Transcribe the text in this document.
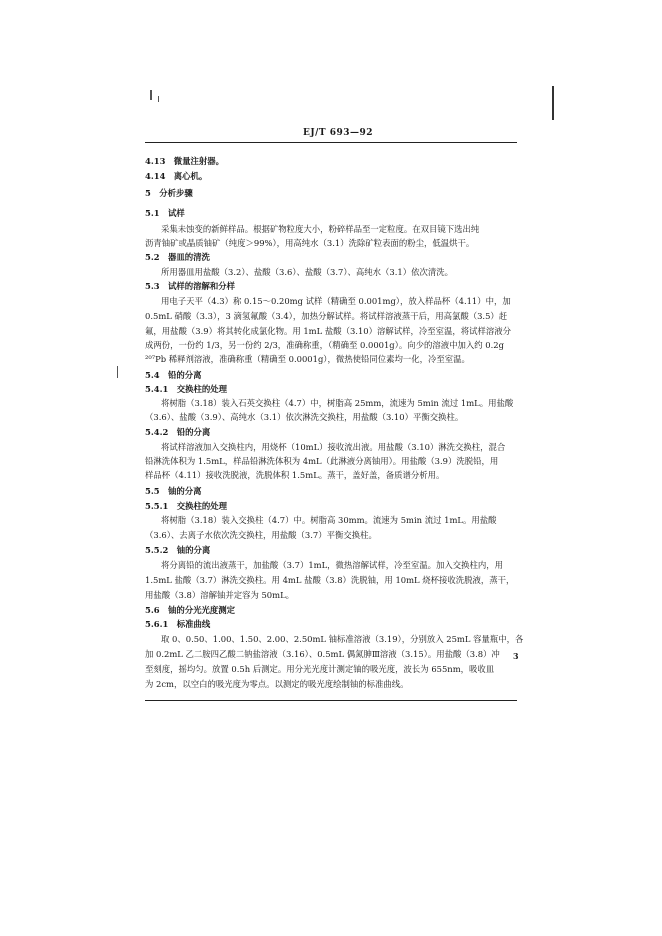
EJ/T 693—92
4.13　微量注射器。
4.14　离心机。
5　分析步骤
5.1　试样
采集未蚀变的新鲜样品。根据矿物粒度大小，粉碎样品至一定粒度。在双目镜下选出纯
沥青铀矿或晶质铀矿（纯度＞99%），用高纯水（3.1）洗除矿粒表面的粉尘，低温烘干。
5.2　器皿的清洗
所用器皿用盐酸（3.2）、盐酸（3.6）、盐酸（3.7）、高纯水（3.1）依次清洗。
5.3　试样的溶解和分样
用电子天平（4.3）称 0.15～0.20mg 试样（精确至 0.001mg），放入样品杯（4.11）中，加
0.5mL 硝酸（3.3），3 滴氢氟酸（3.4），加热分解试样。将试样溶液蒸干后，用高氯酸（3.5）赶
氟，用盐酸（3.9）将其转化成氯化物。用 1mL 盐酸（3.10）溶解试样，冷至室温，将试样溶液分
成两份，一份约 1/3，另一份约 2/3，准确称重，（精确至 0.0001g）。向少的溶液中加入约 0.2g
²⁰⁷Pb 稀释剂溶液，准确称重（精确至 0.0001g），微热使铅同位素均一化，冷至室温。
5.4　铅的分离
5.4.1　交换柱的处理
将树脂（3.18）装入石英交换柱（4.7）中，树脂高 25mm，流速为 5min 流过 1mL。用盐酸
（3.6）、盐酸（3.9）、高纯水（3.1）依次淋洗交换柱，用盐酸（3.10）平衡交换柱。
5.4.2　铅的分离
将试样溶液加入交换柱内，用烧杯（10mL）接收流出液。用盐酸（3.10）淋洗交换柱，混合
铅淋洗体积为 1.5mL，样品铅淋洗体积为 4mL（此淋液分离铀用）。用盐酸（3.9）洗脱铅，用
样品杯（4.11）接收洗脱液，洗脱体积 1.5mL。蒸干，盖好盖，备质谱分析用。
5.5　铀的分离
5.5.1　交换柱的处理
将树脂（3.18）装入交换柱（4.7）中。树脂高 30mm。流速为 5min 流过 1mL。用盐酸
（3.6）、去离子水依次洗交换柱，用盐酸（3.7）平衡交换柱。
5.5.2　铀的分离
将分离铅的流出液蒸干，加盐酸（3.7）1mL，微热溶解试样，冷至室温。加入交换柱内，用
1.5mL 盐酸（3.7）淋洗交换柱。用 4mL 盐酸（3.8）洗脱铀，用 10mL 烧杯接收洗脱液，蒸干，
用盐酸（3.8）溶解铀并定容为 50mL。
5.6　铀的分光光度测定
5.6.1　标准曲线
取 0、0.50、1.00、1.50、2.00、2.50mL 铀标准溶液（3.19），分别放入 25mL 容量瓶中，各
加 0.2mL 乙二胺四乙酸二钠盐溶液（3.16）、0.5mL 偶氮胂Ⅲ溶液（3.15）。用盐酸（3.8）冲
至刻度，摇均匀。放置 0.5h 后测定。用分光光度计测定铀的吸光度，波长为 655nm，吸收皿
为 2cm，以空白的吸光度为零点。以测定的吸光度绘制铀的标准曲线。
3
